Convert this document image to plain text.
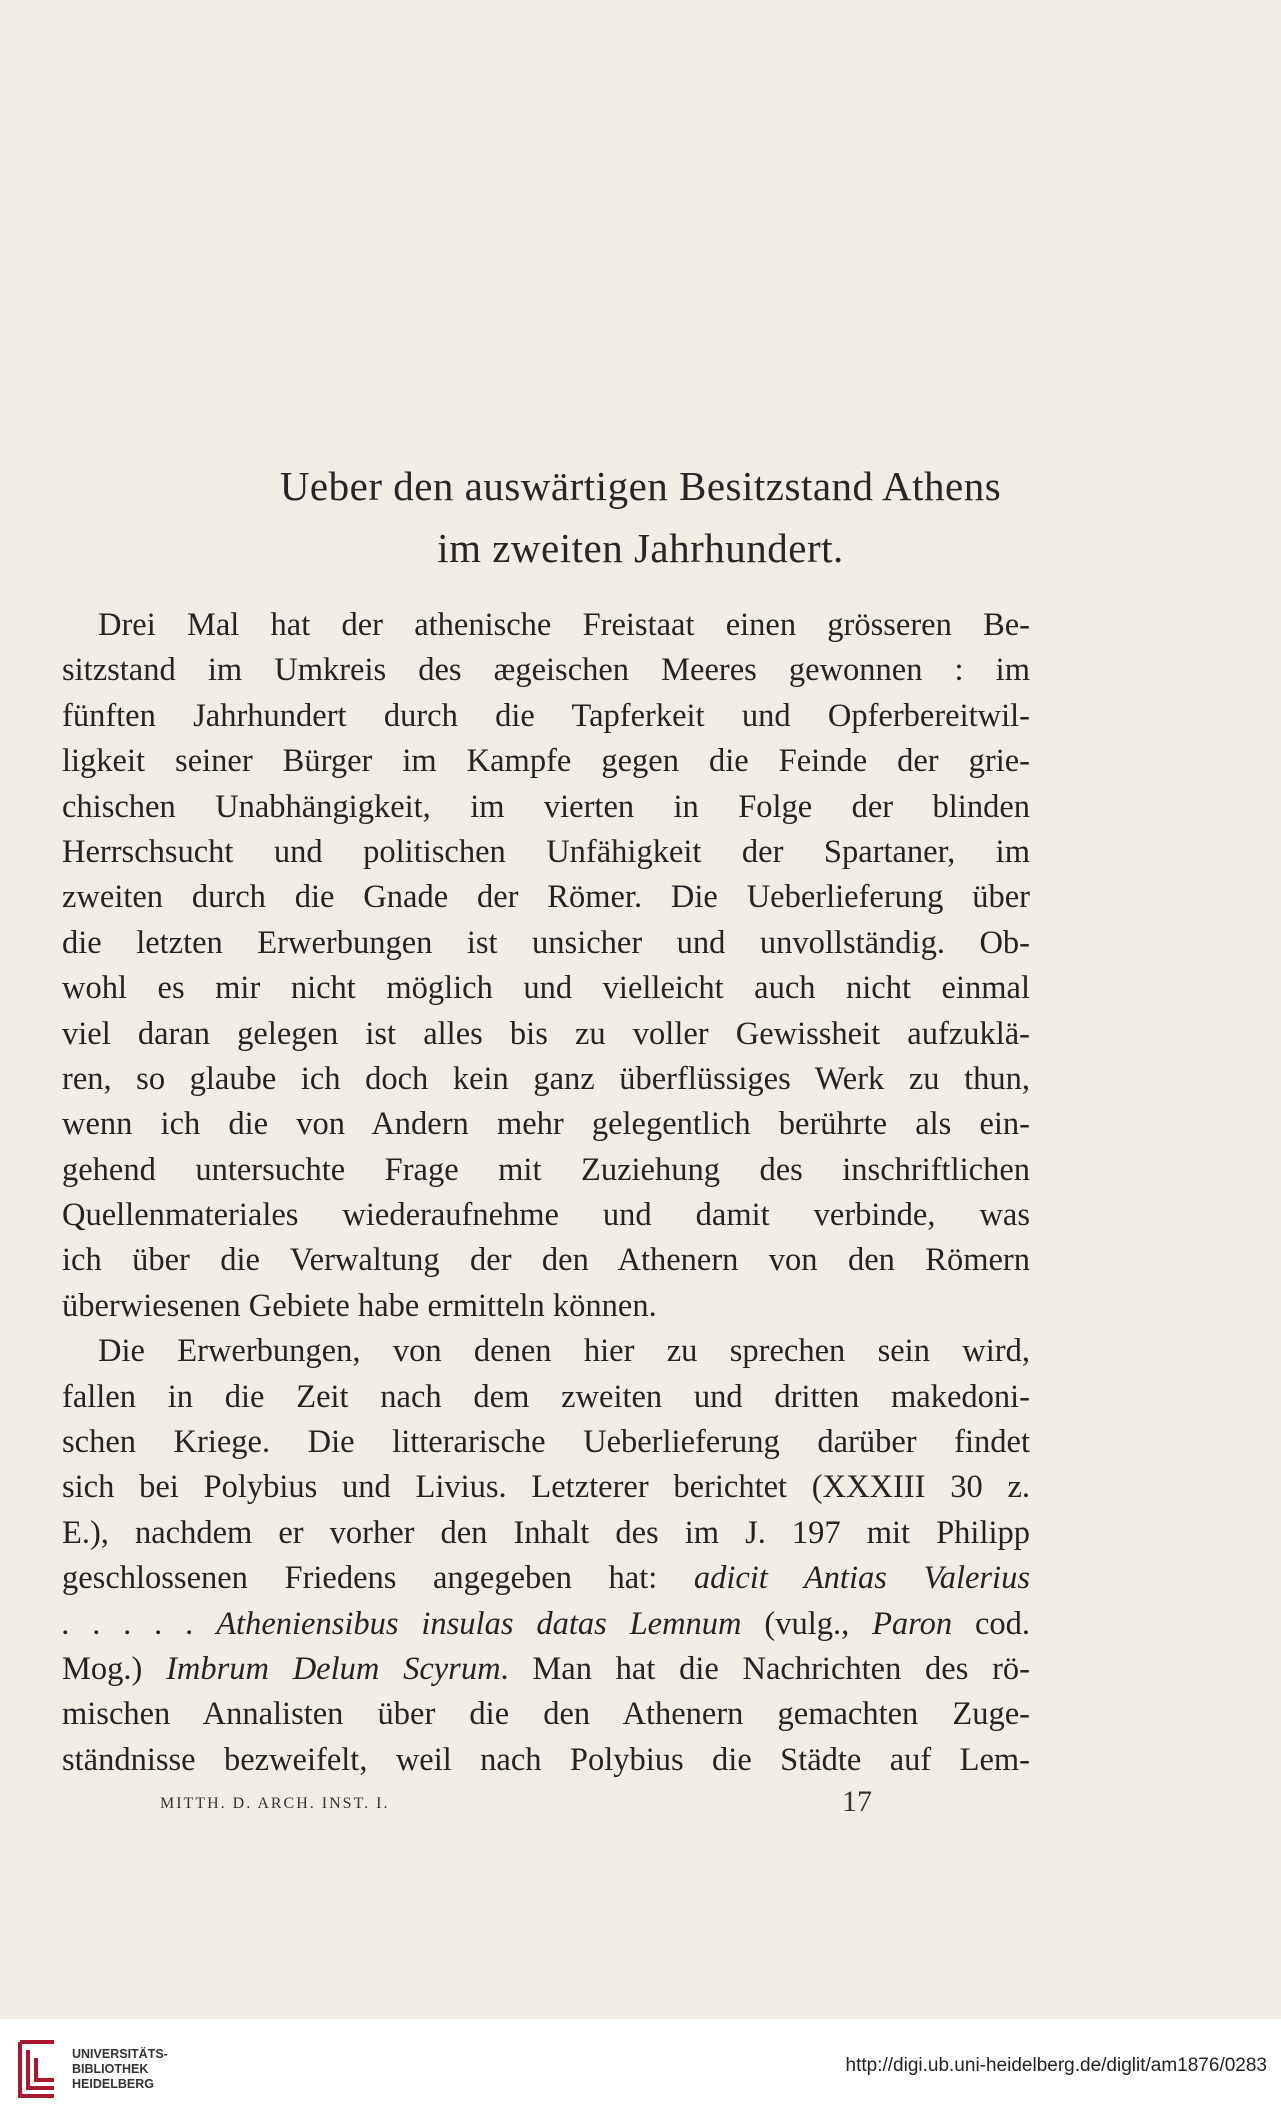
Ueber den auswärtigen Besitzstand Athens
im zweiten Jahrhundert.
Drei Mal hat der athenische Freistaat einen grösseren Be-
sitzstand im Umkreis des ægeischen Meeres gewonnen : im
fünften Jahrhundert durch die Tapferkeit und Opferbereitwil-
ligkeit seiner Bürger im Kampfe gegen die Feinde der grie-
chischen Unabhängigkeit, im vierten in Folge der blinden
Herrschsucht und politischen Unfähigkeit der Spartaner, im
zweiten durch die Gnade der Römer. Die Ueberlieferung über
die letzten Erwerbungen ist unsicher und unvollständig. Ob-
wohl es mir nicht möglich und vielleicht auch nicht einmal
viel daran gelegen ist alles bis zu voller Gewissheit aufzuklä-
ren, so glaube ich doch kein ganz überflüssiges Werk zu thun,
wenn ich die von Andern mehr gelegentlich berührte als ein-
gehend untersuchte Frage mit Zuziehung des inschriftlichen
Quellenmateriales wiederaufnehme und damit verbinde, was
ich über die Verwaltung der den Athenern von den Römern
überwiesenen Gebiete habe ermitteln können.
Die Erwerbungen, von denen hier zu sprechen sein wird,
fallen in die Zeit nach dem zweiten und dritten makedoni-
schen Kriege. Die litterarische Ueberlieferung darüber findet
sich bei Polybius und Livius. Letzterer berichtet (XXXIII 30 z.
E.), nachdem er vorher den Inhalt des im J. 197 mit Philipp
geschlossenen Friedens angegeben hat: adicit Antias Valerius
. . . . . Atheniensibus insulas datas Lemnum (vulg., Paron cod.
Mog.) Imbrum Delum Scyrum. Man hat die Nachrichten des rö-
mischen Annalisten über die den Athenern gemachten Zuge-
ständnisse bezweifelt, weil nach Polybius die Städte auf Lem-
MITTH. D. ARCH. INST. I.	17
UNIVERSITÄTS-
BIBLIOTHEK
HEIDELBERG
http://digi.ub.uni-heidelberg.de/diglit/am1876/0283
